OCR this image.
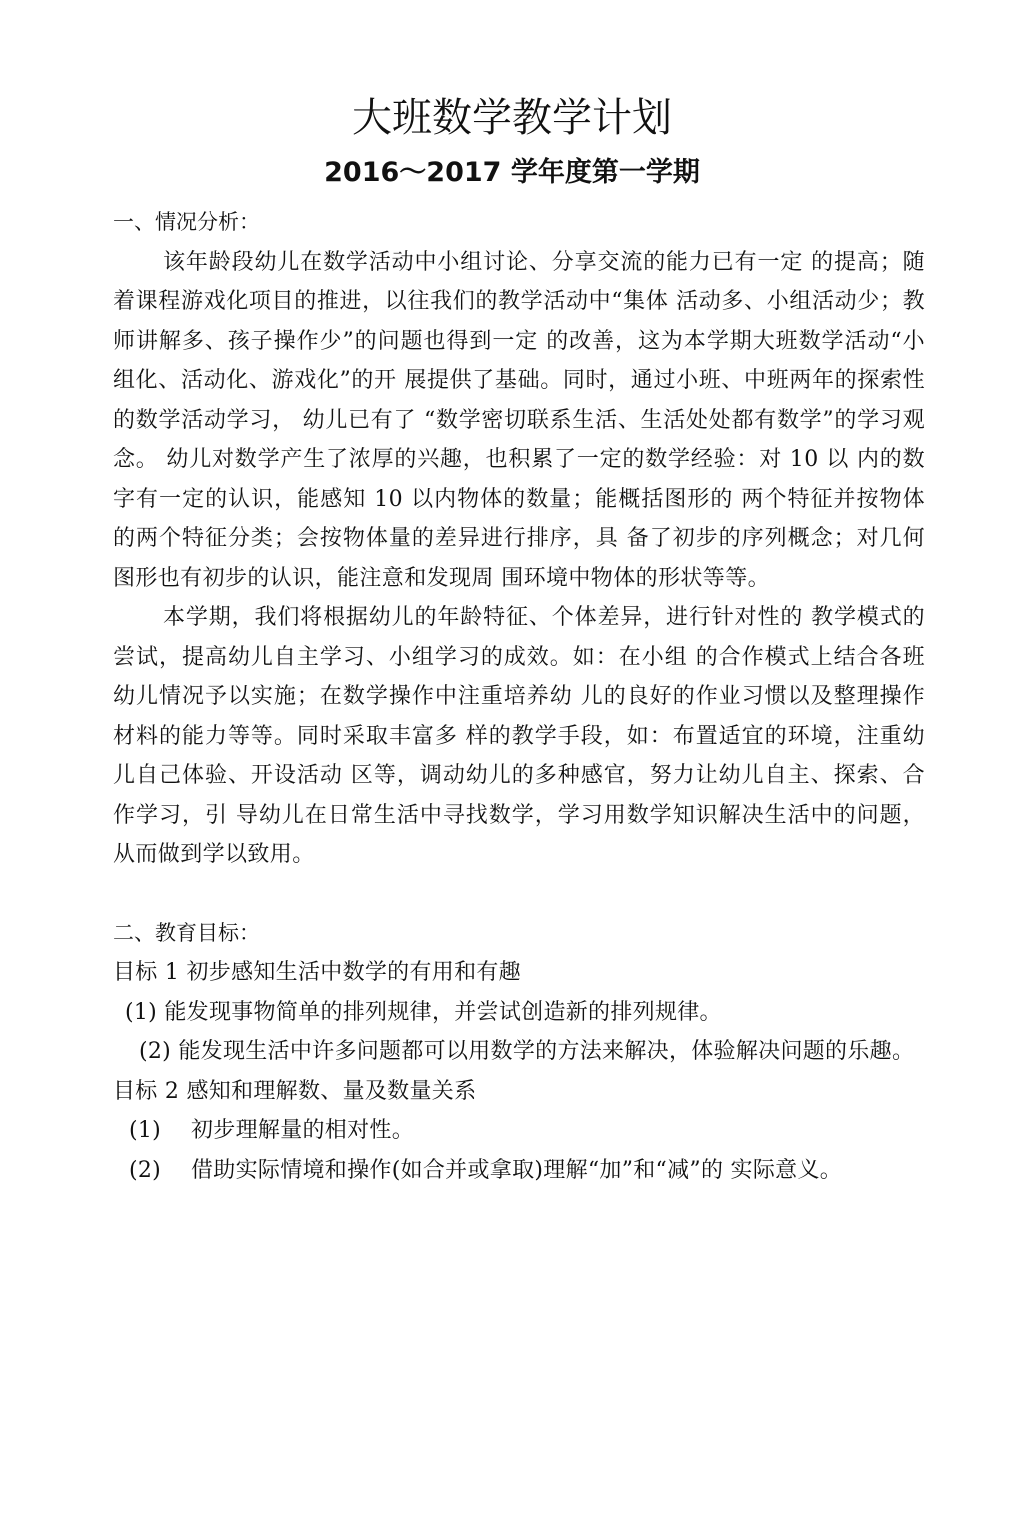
大班数学教学计划
2016～2017 学年度第一学期

一、情况分析：

该年龄段幼儿在数学活动中小组讨论、分享交流的能力已有一定 的提高；随着课程游戏化项目的推进，以往我们的教学活动中“集体 活动多、小组活动少；教师讲解多、孩子操作少”的问题也得到一定 的改善，这为本学期大班数学活动“小组化、活动化、游戏化”的开 展提供了基础。同时，通过小班、中班两年的探索性的数学活动学习， 幼儿已有了 “数学密切联系生活、生活处处都有数学”的学习观念。 幼儿对数学产生了浓厚的兴趣，也积累了一定的数学经验：对 10 以 内的数字有一定的认识，能感知 10 以内物体的数量；能概括图形的 两个特征并按物体的两个特征分类；会按物体量的差异进行排序，具 备了初步的序列概念；对几何图形也有初步的认识，能注意和发现周 围环境中物体的形状等等。

本学期，我们将根据幼儿的年龄特征、个体差异，进行针对性的 教学模式的尝试，提高幼儿自主学习、小组学习的成效。如：在小组 的合作模式上结合各班幼儿情况予以实施；在数学操作中注重培养幼 儿的良好的作业习惯以及整理操作材料的能力等等。同时采取丰富多 样的教学手段，如：布置适宜的环境，注重幼儿自己体验、开设活动 区等，调动幼儿的多种感官，努力让幼儿自主、探索、合作学习，引 导幼儿在日常生活中寻找数学，学习用数学知识解决生活中的问题， 从而做到学以致用。

二、教育目标：

目标 1 初步感知生活中数学的有用和有趣

(1) 能发现事物简单的排列规律，并尝试创造新的排列规律。

(2) 能发现生活中许多问题都可以用数学的方法来解决，体验解决问题的乐趣。

目标 2 感知和理解数、量及数量关系

(1) 初步理解量的相对性。

(2) 借助实际情境和操作(如合并或拿取)理解“加”和“减”的 实际意义。
